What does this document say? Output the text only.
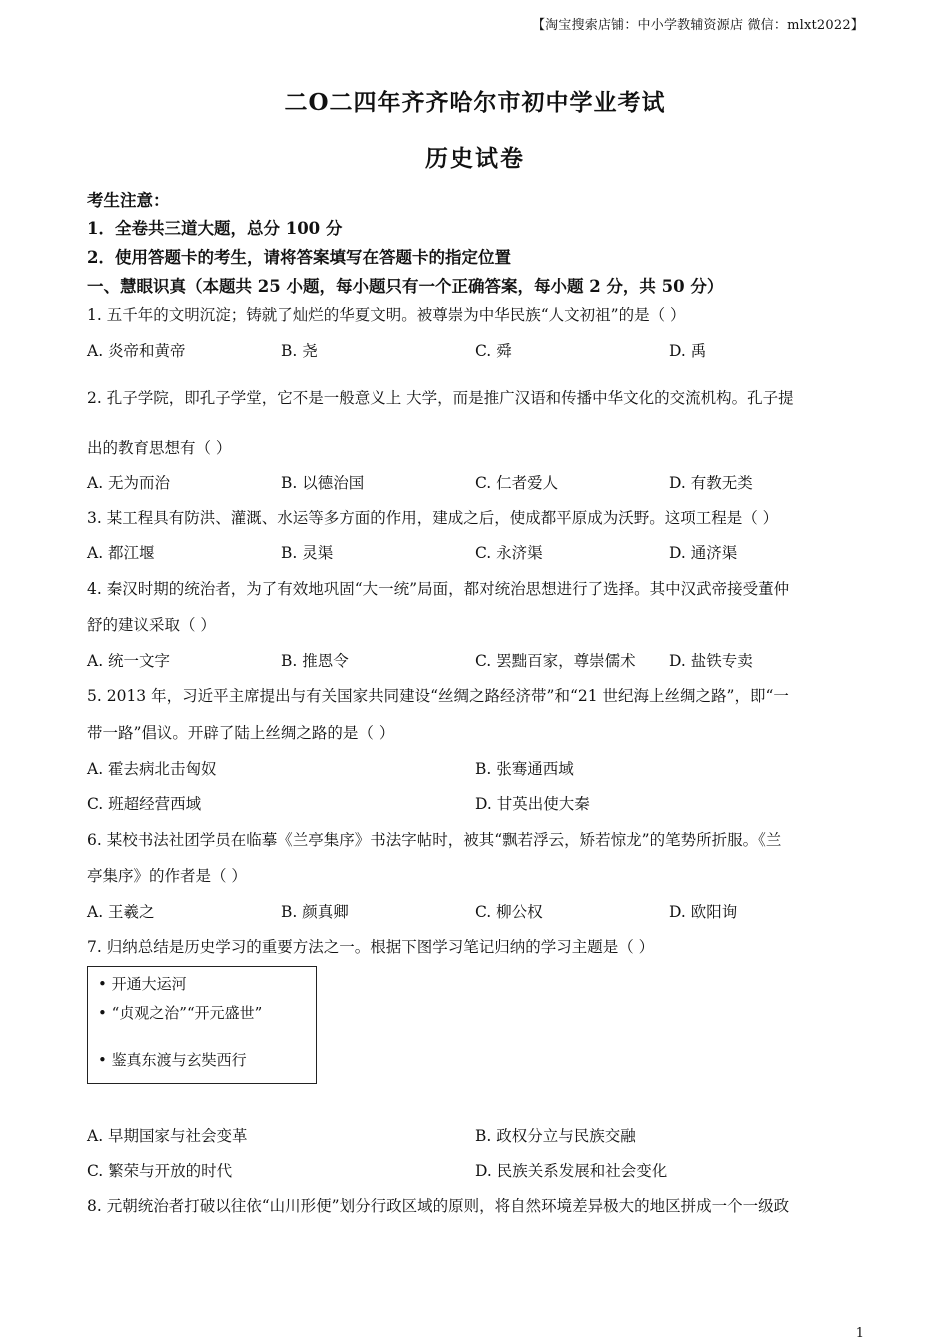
【淘宝搜索店铺：中小学教辅资源店 微信：mlxt2022】
二O二四年齐齐哈尔市初中学业考试
历史试卷
考生注意：
1．全卷共三道大题，总分 100 分
2．使用答题卡的考生，请将答案填写在答题卡的指定位置
一、慧眼识真（本题共 25 小题，每小题只有一个正确答案，每小题 2 分，共 50 分）
1. 五千年的文明沉淀；铸就了灿烂的华夏文明。被尊崇为中华民族“人文初祖”的是（ ）
A. 炎帝和黄帝	B. 尧	C. 舜	D. 禹
2. 孔子学院，即孔子学堂，它不是一般意义上 大学，而是推广汉语和传播中华文化的交流机构。孔子提
出的教育思想有（ ）
A. 无为而治	B. 以德治国	C. 仁者爱人	D. 有教无类
3. 某工程具有防洪、灌溉、水运等多方面的作用，建成之后，使成都平原成为沃野。这项工程是（ ）
A. 都江堰	B. 灵渠	C. 永济渠	D. 通济渠
4. 秦汉时期的统治者，为了有效地巩固“大一统”局面，都对统治思想进行了选择。其中汉武帝接受董仲
舒的建议采取（ ）
A. 统一文字	B. 推恩令	C. 罢黜百家，尊崇儒术 D. 盐铁专卖
5. 2013 年，习近平主席提出与有关国家共同建设“丝绸之路经济带”和“21 世纪海上丝绸之路”，即“一
带一路”倡议。开辟了陆上丝绸之路的是（ ）
A. 霍去病北击匈奴	B. 张骞通西域
C. 班超经营西域	D. 甘英出使大秦
6. 某校书法社团学员在临摹《兰亭集序》书法字帖时，被其“飘若浮云，矫若惊龙”的笔势所折服。《兰
亭集序》的作者是（ ）
A. 王羲之	B. 颜真卿	C. 柳公权	D. 欧阳询
7. 归纳总结是历史学习的重要方法之一。根据下图学习笔记归纳的学习主题是（ ）
• 开通大运河
• “贞观之治”“开元盛世”
• 鉴真东渡与玄奘西行
A. 早期国家与社会变革	B. 政权分立与民族交融
C. 繁荣与开放的时代	D. 民族关系发展和社会变化
8. 元朝统治者打破以往依“山川形便”划分行政区域的原则，将自然环境差异极大的地区拼成一个一级政
1
